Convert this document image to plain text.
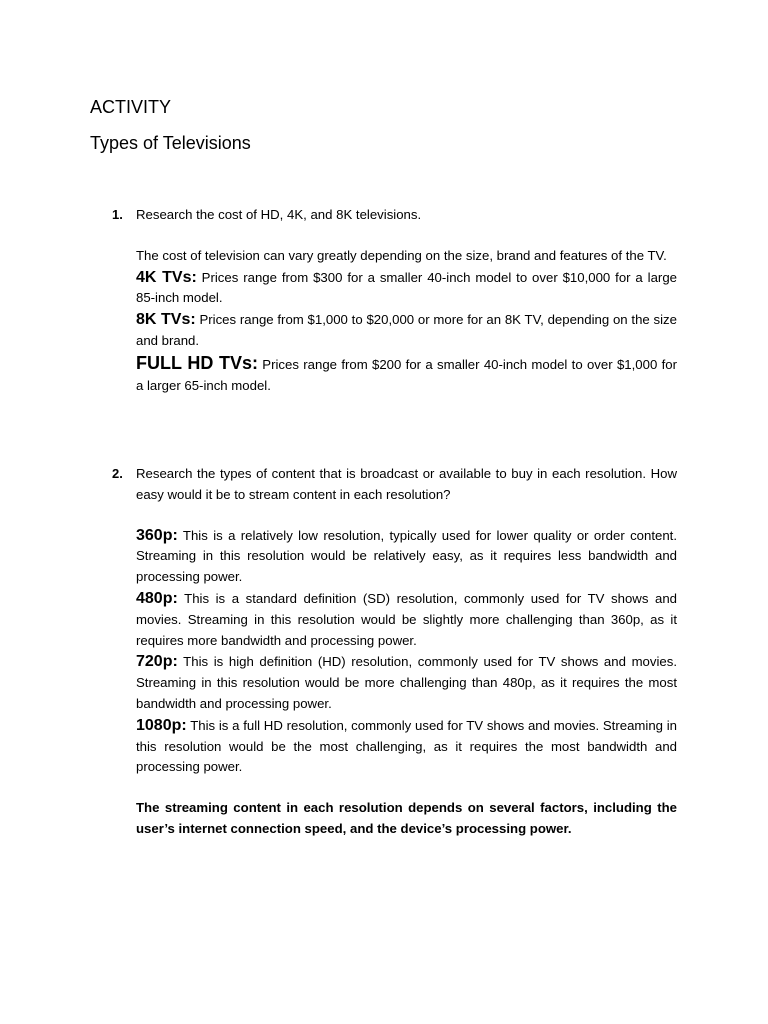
ACTIVITY
Types of Televisions
1. Research the cost of HD, 4K, and 8K televisions.

The cost of television can vary greatly depending on the size, brand and features of the TV.

4K TVs: Prices range from $300 for a smaller 40-inch model to over $10,000 for a large 85-inch model.

8K TVs: Prices range from $1,000 to $20,000 or more for an 8K TV, depending on the size and brand.

FULL HD TVs: Prices range from $200 for a smaller 40-inch model to over $1,000 for a larger 65-inch model.

2. Research the types of content that is broadcast or available to buy in each resolution. How easy would it be to stream content in each resolution?

360p: This is a relatively low resolution, typically used for lower quality or order content. Streaming in this resolution would be relatively easy, as it requires less bandwidth and processing power.

480p: This is a standard definition (SD) resolution, commonly used for TV shows and movies. Streaming in this resolution would be slightly more challenging than 360p, as it requires more bandwidth and processing power.

720p: This is high definition (HD) resolution, commonly used for TV shows and movies. Streaming in this resolution would be more challenging than 480p, as it requires the most bandwidth and processing power.

1080p: This is a full HD resolution, commonly used for TV shows and movies. Streaming in this resolution would be the most challenging, as it requires the most bandwidth and processing power.

The streaming content in each resolution depends on several factors, including the user’s internet connection speed, and the device’s processing power.
